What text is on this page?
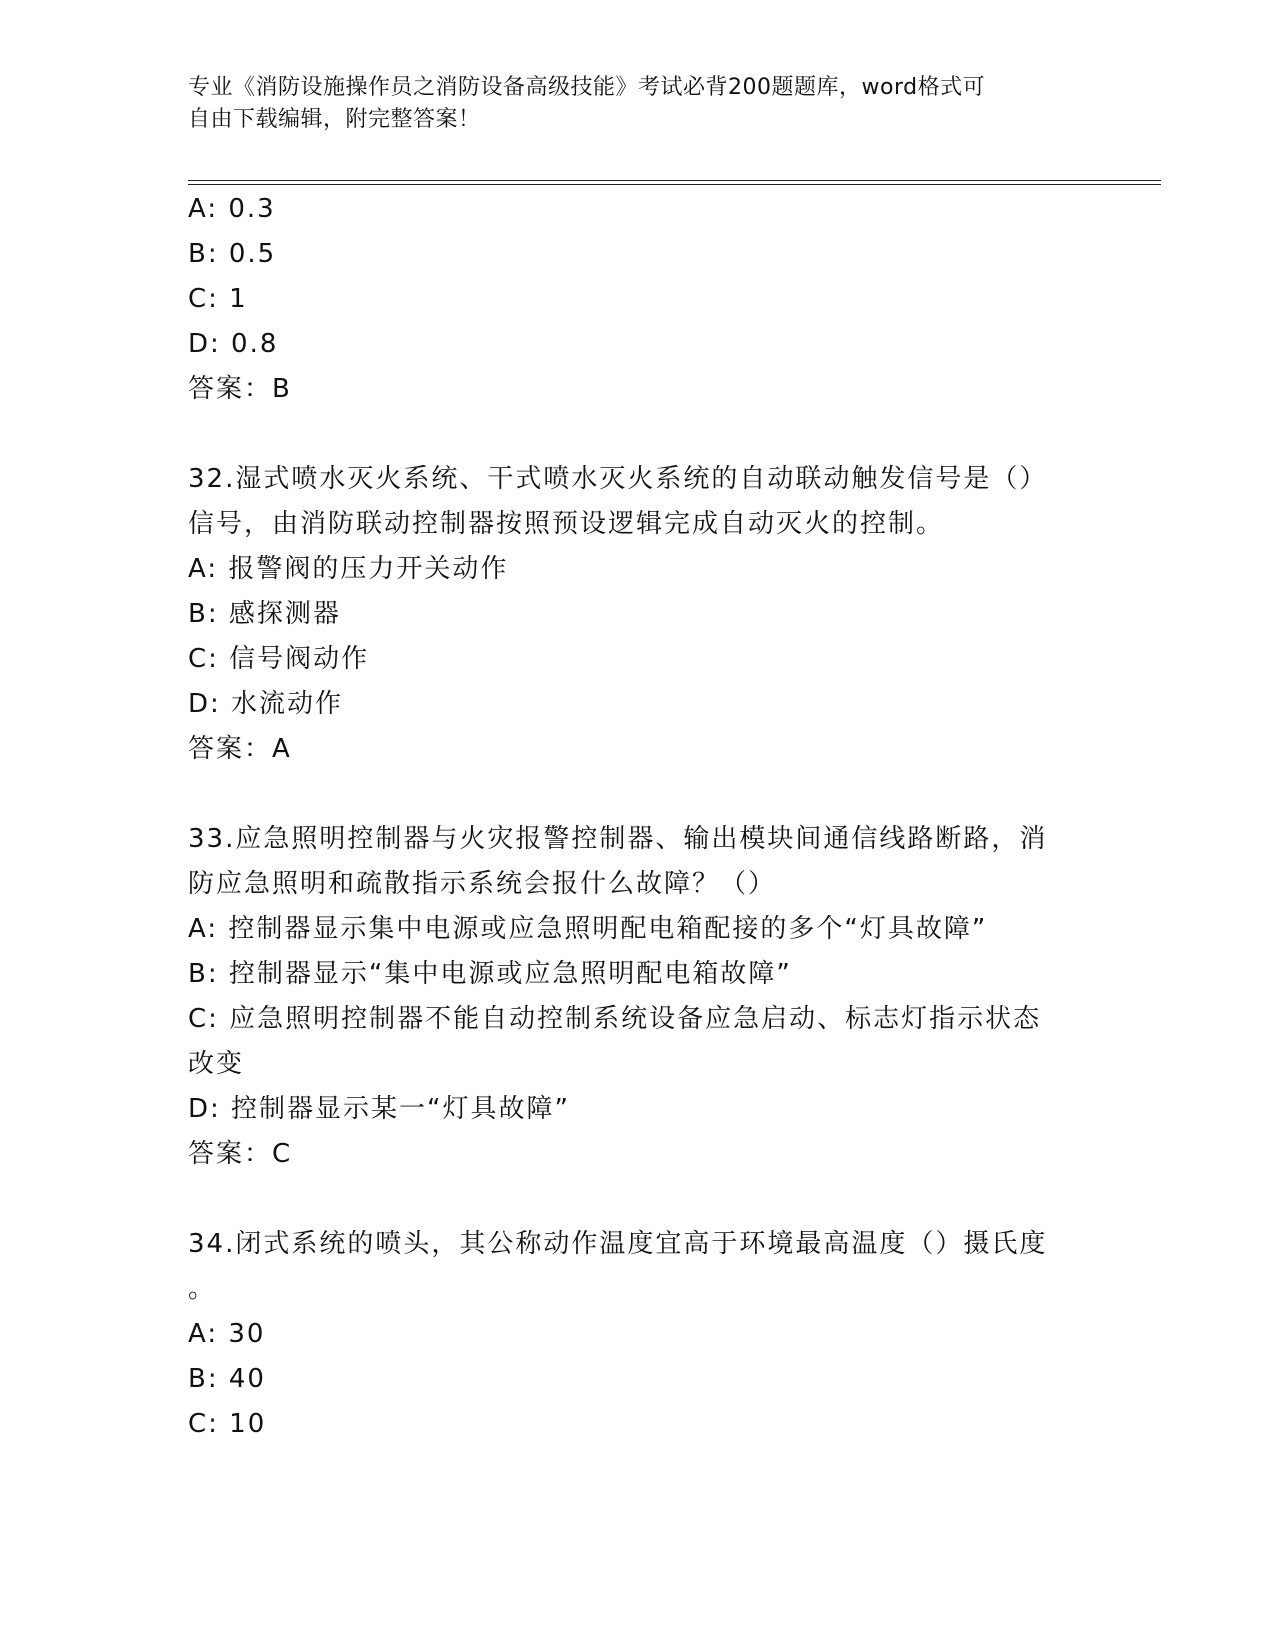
专业《消防设施操作员之消防设备高级技能》考试必背200题题库，word格式可
自由下载编辑，附完整答案！
A: 0.3
B: 0.5
C: 1
D: 0.8
答案：B
32.湿式喷水灭火系统、干式喷水灭火系统的自动联动触发信号是（）
信号，由消防联动控制器按照预设逻辑完成自动灭火的控制。
A: 报警阀的压力开关动作
B: 感探测器
C: 信号阀动作
D: 水流动作
答案：A
33.应急照明控制器与火灾报警控制器、输出模块间通信线路断路，消
防应急照明和疏散指示系统会报什么故障？（）
A: 控制器显示集中电源或应急照明配电箱配接的多个“灯具故障”
B: 控制器显示“集中电源或应急照明配电箱故障”
C: 应急照明控制器不能自动控制系统设备应急启动、标志灯指示状态
改变
D: 控制器显示某一“灯具故障”
答案：C
34.闭式系统的喷头，其公称动作温度宜高于环境最高温度（）摄氏度
。
A: 30
B: 40
C: 10
